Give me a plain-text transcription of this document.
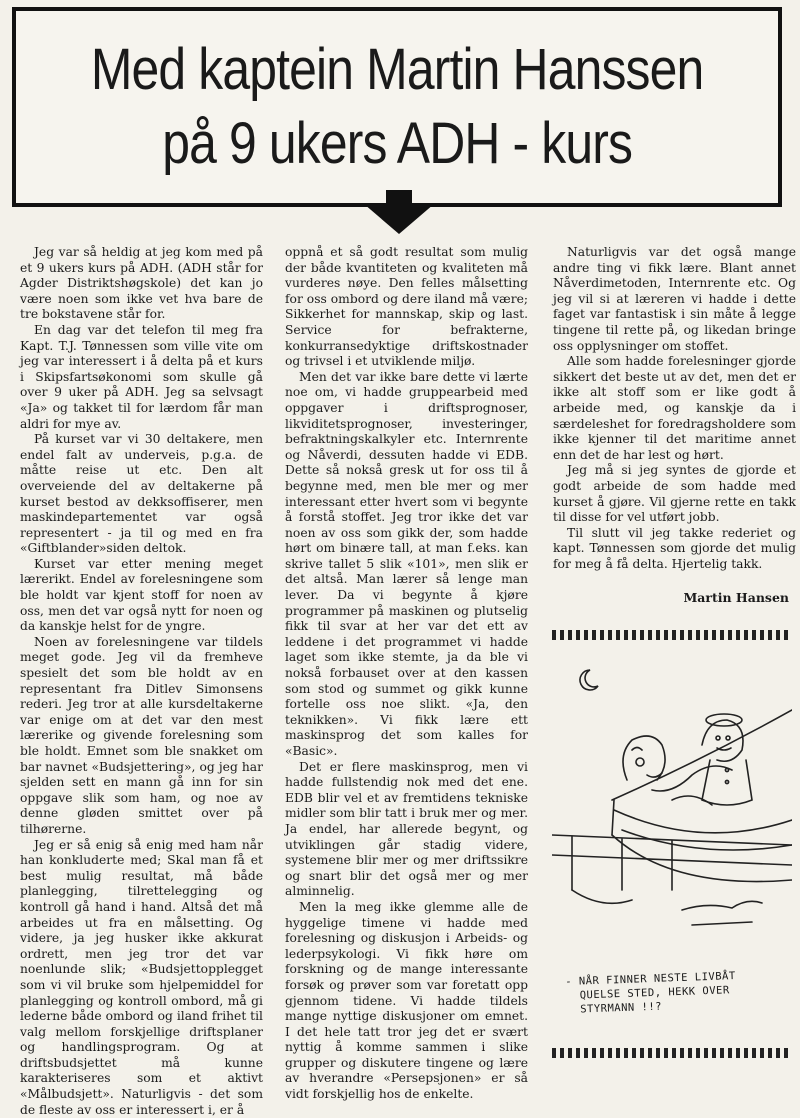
Med kaptein Martin Hanssen
på 9 ukers ADH - kurs

Jeg var så heldig at jeg kom med på et 9 ukers kurs på ADH. (ADH står for Agder Distriktshøgskole) det kan jo være noen som ikke vet hva bare de tre bokstavene står for.

En dag var det telefon til meg fra Kapt. T.J. Tønnessen som ville vite om jeg var interessert i å delta på et kurs i Skipsfartsøkonomi som skulle gå over 9 uker på ADH. Jeg sa selvsagt «Ja» og takket til for lærdom får man aldri for mye av.

På kurset var vi 30 deltakere, men endel falt av underveis, p.g.a. de måtte reise ut etc. Den alt overveiende del av deltakerne på kurset bestod av dekksoffiserer, men maskindepartementet var også representert - ja til og med en fra «Giftblander»siden deltok.

Kurset var etter mening meget lærerikt. Endel av forelesningene som ble holdt var kjent stoff for noen av oss, men det var også nytt for noen og da kanskje helst for de yngre.

Noen av forelesningene var tildels meget gode. Jeg vil da fremheve spesielt det som ble holdt av en representant fra Ditlev Simonsens rederi. Jeg tror at alle kursdeltakerne var enige om at det var den mest lærerike og givende forelesning som ble holdt. Emnet som ble snakket om bar navnet «Budsjettering», og jeg har sjelden sett en mann gå inn for sin oppgave slik som ham, og noe av denne gløden smittet over på tilhørerne.

Jeg er så enig så enig med ham når han konkluderte med; Skal man få et best mulig resultat, må både planlegging, tilrettelegging og kontroll gå hand i hand. Altså det må arbeides ut fra en målsetting. Og videre, ja jeg husker ikke akkurat ordrett, men jeg tror det var noenlunde slik; «Budsjettopplegget som vi vil bruke som hjelpemiddel for planlegging og kontroll ombord, må gi lederne både ombord og iland frihet til valg mellom forskjellige driftsplaner og handlingsprogram. Og at driftsbudsjettet må kunne karakteriseres som et aktivt «Målbudsjett». Naturligvis - det som de fleste av oss er interessert i, er å

oppnå et så godt resultat som mulig der både kvantiteten og kvaliteten må vurderes nøye. Den felles målsetting for oss ombord og dere iland må være; Sikkerhet for mannskap, skip og last. Service for befrakterne, konkurransedyktige driftskostnader og trivsel i et utviklende miljø.

Men det var ikke bare dette vi lærte noe om, vi hadde gruppearbeid med oppgaver i driftsprognoser, likviditetsprognoser, investeringer, befraktningskalkyler etc. Internrente og Nåverdi, dessuten hadde vi EDB. Dette så nokså gresk ut for oss til å begynne med, men ble mer og mer interessant etter hvert som vi begynte å forstå stoffet. Jeg tror ikke det var noen av oss som gikk der, som hadde hørt om binære tall, at man f.eks. kan skrive tallet 5 slik «101», men slik er det altså. Man lærer så lenge man lever. Da vi begynte å kjøre programmer på maskinen og plutselig fikk til svar at her var det ett av leddene i det programmet vi hadde laget som ikke stemte, ja da ble vi nokså forbauset over at den kassen som stod og summet og gikk kunne fortelle oss noe slikt. «Ja, den teknikken». Vi fikk lære ett maskinsprog det som kalles for «Basic».

Det er flere maskinsprog, men vi hadde fullstendig nok med det ene. EDB blir vel et av fremtidens tekniske midler som blir tatt i bruk mer og mer. Ja endel, har allerede begynt, og utviklingen går stadig videre, systemene blir mer og mer driftssikre og snart blir det også mer og mer alminnelig.

Men la meg ikke glemme alle de hyggelige timene vi hadde med forelesning og diskusjon i Arbeids- og lederpsykologi. Vi fikk høre om forskning og de mange interessante forsøk og prøver som var foretatt opp gjennom tidene. Vi hadde tildels mange nyttige diskusjoner om emnet. I det hele tatt tror jeg det er svært nyttig å komme sammen i slike grupper og diskutere tingene og lære av hverandre «Persepsjonen» er så vidt forskjellig hos de enkelte.

Naturligvis var det også mange andre ting vi fikk lære. Blant annet Nåverdimetoden, Internrente etc. Og jeg vil si at læreren vi hadde i dette faget var fantastisk i sin måte å legge tingene til rette på, og likedan bringe oss opplysninger om stoffet.

Alle som hadde forelesninger gjorde sikkert det beste ut av det, men det er ikke alt stoff som er like godt å arbeide med, og kanskje da i særdeleshet for foredragsholdere som ikke kjenner til det maritime annet enn det de har lest og hørt.

Jeg må si jeg syntes de gjorde et godt arbeide de som hadde med kurset å gjøre. Vil gjerne rette en takk til disse for vel utført jobb.

Til slutt vil jeg takke rederiet og kapt. Tønnessen som gjorde det mulig for meg å få delta. Hjertelig takk.

Martin Hansen
- NÅR FINNER NESTE LIVBÅT
QUELSE STED, HEKK OVER
STYRMANN !!?
